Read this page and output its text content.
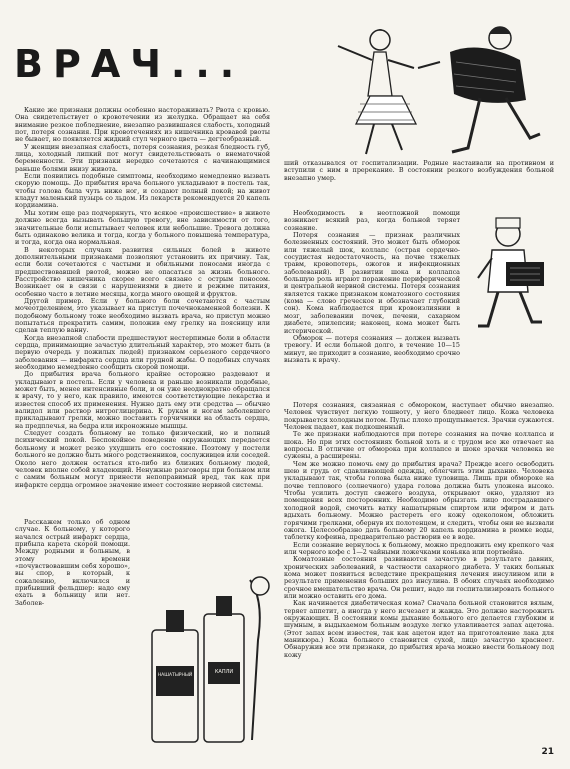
ВРАЧ...

Какие же признаки должны особенно настораживать? Рвота с кровью. Она свидетельствует о кровотечении из желудка. Обращает на себя внимание резкое побледнение, внезапно развившаяся слабость, холодный пот, потеря сознания. При кровотечениях из кишечника кровавой рвоты не бывает, но появляется жидкий стул черного цвета — дегтеобразный.

У женщин внезапная слабость, потеря сознания, резкая бледность губ, лица, холодный липкий пот могут свидетельствовать о внематочной беременности. Эти признаки нередко сочетаются с начинающимися раньше болями внизу живота.

Если появились подобные симптомы, необходимо немедленно вызвать скорую помощь. До прибытия врача больного укладывают в постель так, чтобы голова была чуть ниже ног, и создают полный покой; на живот кладут маленький пузырь со льдом. Из лекарств рекомендуется 20 капель кордиамина.

Мы хотим еще раз подчеркнуть, что всякое «происшествие» в животе должно всегда вызывать большую тревогу, вне зависимости от того, значительные боли испытывает человек или небольшие. Тревога должна быть одинаково велика и тогда, когда у больного повышена температура, и тогда, когда она нормальная.

В некоторых случаях развития сильных болей в животе дополнительными признаками позволяют установить их причину. Так, если боли сочетаются с частыми и обильными поносами иногда с предшествовавшей рвотой, можно не опасаться за жизнь больного. Расстройство кишечника скорее всего связано с острым поносом. Возникает он в связи с нарушениями в диете и режиме питания, особенно часто в летние месяцы, когда много овощей и фруктов.

Другой пример. Если у больного боли сочетаются с частым мочеотделением, это указывает на приступ почечнокаменной болезни. К подобному больному тоже необходимо вызвать врача, но приступ можно попытаться прекратить самим, положив ему грелку на поясницу или сделав теплую ванну.

Когда внезапной слабости предшествуют нестерпимые боли в области сердца, принимающие зачастую длительный характер, это может быть (в первую очередь у пожилых людей) признаком серьезного сердечного заболевания — инфаркта сердца или грудной жабы. О подобных случаях необходимо немедленно сообщить скорой помощи.

До прибытия врача больного крайне осторожно раздевают и укладывают в постель. Если у человека и раньше возникали подобные, может быть, менее интенсивные боли, и он уже неоднократно обращался к врачу, то у него, как правило, имеются соответствующие лекарства и известен способ их применения. Нужно дать ему эти средства — обычно валидол или раствор нитроглицерина. К рукам и ногам заболевшего прикладывают грелки, можно поставить горчичники на область сердца, на предплечья, на бедра или икроножные мышцы.

Следует создать больному не только физический, но и полный психический покой. Беспокойное поведение окружающих передается больному и может резко ухудшить его состояние. Поэтому у постели больного не должно быть много родственников, сослуживцев или соседей. Около него должен остаться кто-либо из близких больному людей, человек вполне собой владеющий. Ненужные разговоры при больном или с самим больным могут принести непоправимый вред, так как при инфаркте сердца огромное значение имеет состояние нервной системы.

Расскажем только об одном случае. К больному, у которого начался острый инфаркт сердца, прибыла карета скорой помощи. Между родными и больным, в этому времени «почувствовавшим себя хорошо», вы спор, в который, к сожалению, включился и прибывший фельдшер: надо ему ехать в больницу или нет. Заболев-

НАШАТЫРНЫЙ
КАПЛИ

ший отказывался от госпитализации. Родные настаивали на противном и вступили с ним в пререкание. В состоянии резкого возбуждения больной внезапно умер.

Необходимость в неотложной помощи возникает всякий раз, когда больной теряет сознание.

Потеря сознания — признак различных болезненных состояний. Это может быть обморок или тяжелый шок, коллапс (острая сердечно-сосудистая недостаточность, на почве тяжелых травм, кровопотерь, ожогов и инфекционных заболеваний). В развитии шока и коллапса большую роль играют поражение периферической и центральной нервной системы. Потеря сознания является также признаком коматозного состояния (кома — слово греческое и обозначает глубокий сон). Кома наблюдается при кровоизлиянии в мозг, заболевании почек, печени, сахарном диабете, эпилепсии; наконец, кома может быть истерической.

Обморок — потеря сознания — должен вызвать тревогу. И если больной долго, в течение 10—15 минут, не приходит в сознание, необходимо срочно вызвать к врачу.

Потеря сознания, связанная с обмороком, наступает обычно внезапно. Человек чувствует легкую тошноту, у него бледнеет лицо. Кожа человека покрывается холодным потом. Пульс плохо прощупывается. Зрачки сужаются. Человек падает, как подкошенный.

Те же признаки наблюдаются при потере сознания на почве коллапса и шока. Но при этих состояниях больной хоть и с трудом все же отвечает на вопросы. В отличие от обморока при коллапсе и шоке зрачки человека не сужены, а расширены.

Чем же можно помочь ему до прибытия врача? Прежде всего освободить шею и грудь от сдавливающей одежды, облегчить этим дыхание. Человека укладывают так, чтобы голова была ниже туловища. Лишь при обмороке на почве теплового (солнечного) удара голова должна быть уложена высоко. Чтобы усилить доступ свежего воздуха, открывают окно, удаляют из помещения всех посторонних. Необходимо обрызгать лицо пострадавшего холодной водой, смочить ватку нашатырным спиртом или эфиром и дать вдыхать больному. Можно растереть его кожу одеколоном, обложить горячими грелками, обернув их полотенцем, и следить, чтобы они не вызвали ожога. Целесообразно дать больному 20 капель кордиамина в рюмке воды, таблетку кофеина, предварительно растворив ее в воде.

Если сознание вернулось к больному, можно предложить ему крепкого чая или черного кофе с 1—2 чайными ложечками коньяка или портвейна.

Коматозные состояния развиваются зачастую в результате давних, хронических заболеваний, в частности сахарного диабета. У таких больных кома может появиться вследствие прекращения лечения инсулином или в результате применения больших доз инсулина. В обоих случаях необходимо срочное вмешательство врача. Он решит, надо ли госпитализировать больного или можно оставить его дома.

Как начинается диабетическая кома? Сначала больной становится вялым, теряет аппетит, а иногда у него исчезает и жажда. Это должно насторожить окружающих. В состоянии комы дыхание больного его делается глубоким и шумным, в выдыхаемом больным воздухе легко улавливается запах ацетона. (Этот запах всем известен, так как ацетон идет на приготовление лака для маникюра.) Кожа больного становится сухой, лицо зачастую краснеет. Обнаружив все эти признаки, до прибытия врача можно ввести больному под кожу

21
